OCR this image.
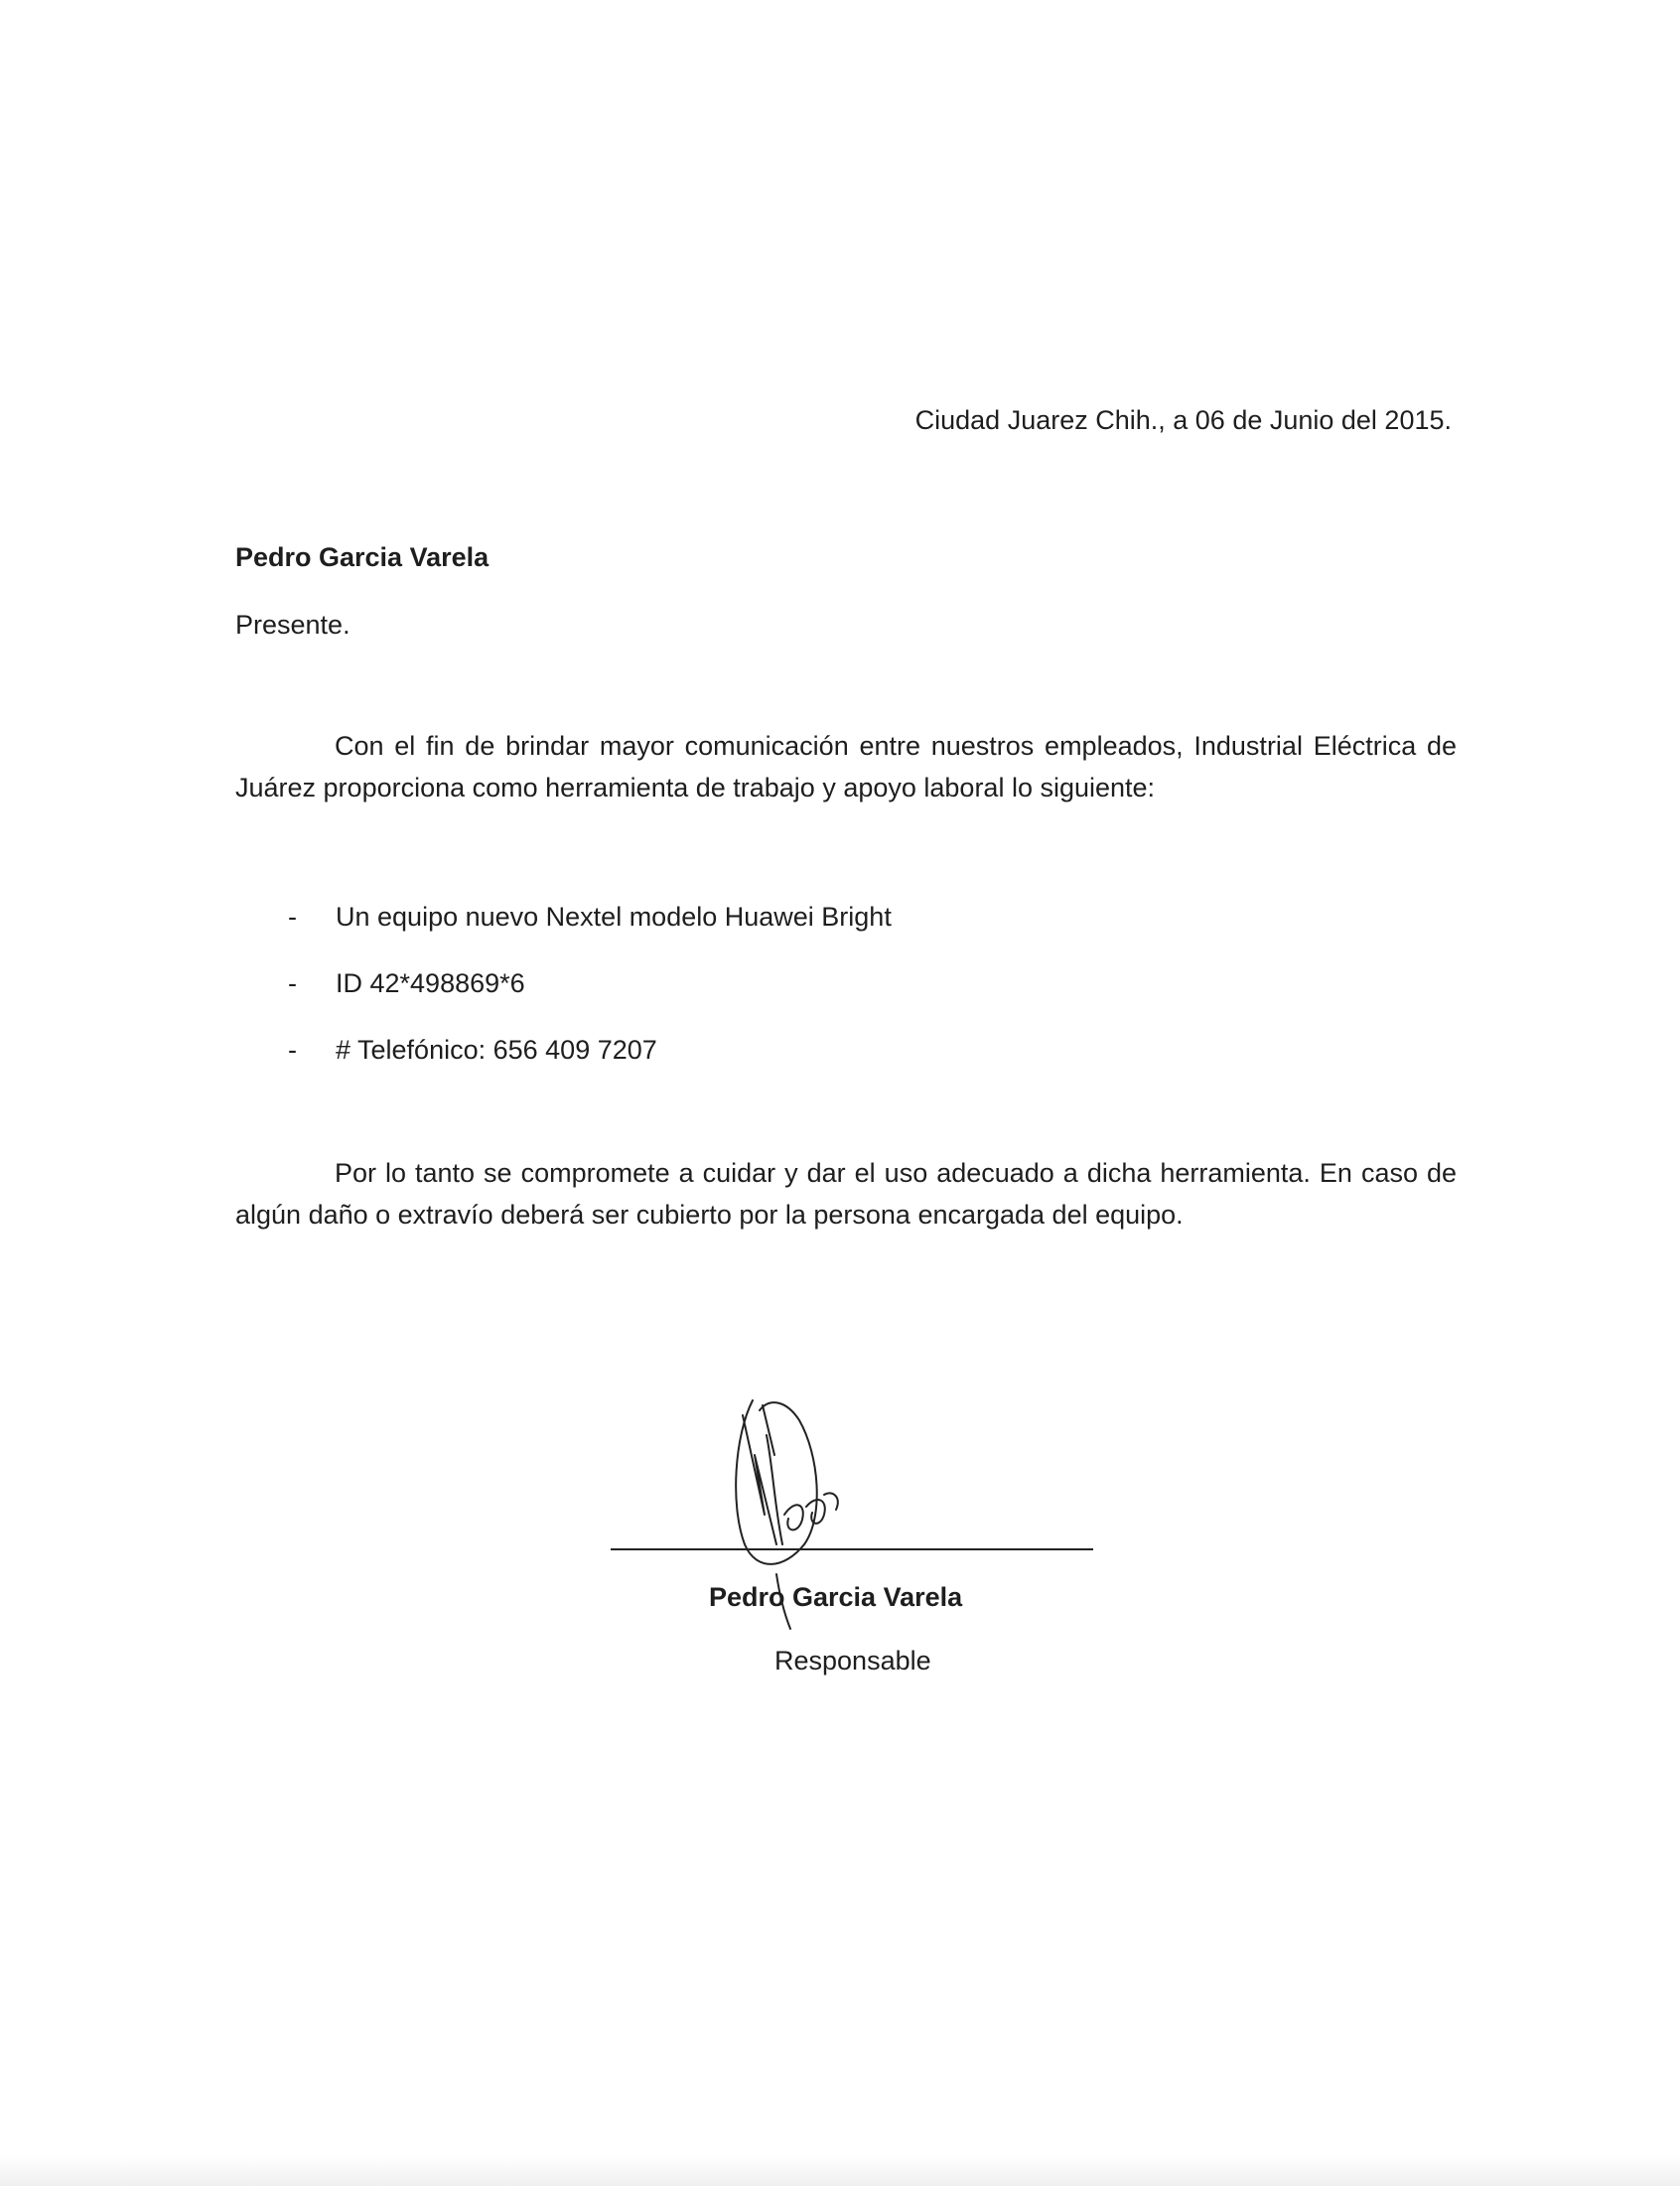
Ciudad Juarez Chih., a 06 de Junio del 2015.
Pedro Garcia Varela
Presente.
Con el fin de brindar mayor comunicación entre nuestros empleados, Industrial Eléctrica de Juárez proporciona como herramienta de trabajo y apoyo laboral lo siguiente:
- Un equipo nuevo Nextel modelo Huawei Bright
- ID 42*498869*6
- # Telefónico: 656 409 7207
Por lo tanto se compromete a cuidar y dar el uso adecuado a dicha herramienta. En caso de algún daño o extravío deberá ser cubierto por la persona encargada del equipo.
Pedro Garcia Varela
Responsable
